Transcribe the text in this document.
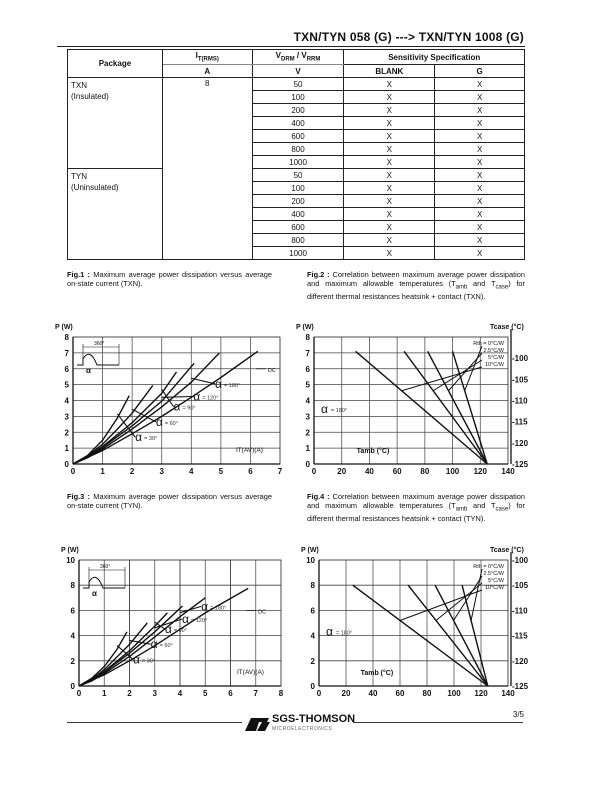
TXN/TYN 058 (G) ---> TXN/TYN 1008 (G)
Package	$I_{T(RMS)}$	$V_{DRM} / V_{RRM}$	Sensitivity Specification	
	A	V	BLANK	G

TXN
(Insulated)	8	50	X	X
		100	X	X
		200	X	X
		400	X	X
		600	X	X
		800	X	X
		1000	X	X

TYN
(Uninsulated)		50	X	X
		100	X	X
		200	X	X
		400	X	X
		600	X	X
		800	X	X
		1000	X	X
Fig.1 : Maximum average power dissipation versus average on-state current (TXN).
Fig.2 : Correlation between maximum average power dissipation and maximum allowable temperatures ($T_{amb}$ and $T_{case}$) for different thermal resistances heatsink + contact (TXN).
Fig.3 : Maximum average power dissipation versus average on-state current (TYN).
Fig.4 : Correlation between maximum average power dissipation and maximum allowable temperatures ($T_{amb}$ and $T_{case}$) for different thermal resistances heatsink + contact (TYN).
0	1	2	3	4	5	6	7
0
1
2
3
4
5
6
7
8
P (W)
IT(AV)(A)
360°
α	DC
α = 180°
α = 120°
α = 90°
α = 60°
α = 30°
0	20 40 60 80 100 120 140
0
1
2
3
4
5
6
7
8
P (W)
-125
-120
-115
-110
-105
-100
Tcase (°C)
Tamb (°C)
Rth = 0°C/W
2.5°C/W
5°C/W
10°C/W
α = 180°
0	1	2	3	4	5	6	7	8
0
2
4
6
8
10
P (W)
IT(AV)(A)
360°
α
DC
α = 180°
α = 120°
α = 90°
α = 60°
α = 30°
0	20 40 60 80 100 120 140
0
2
4
6
8
10
P (W)
-125
-120
-115
-110
-105
-100
Tcase (°C)
Tamb (°C)
Rth = 0°C/W
2.5°C/W
5°C/W
10°C/W
α = 180°
SGS-THOMSON
MICROELECTRONICS
3/5
